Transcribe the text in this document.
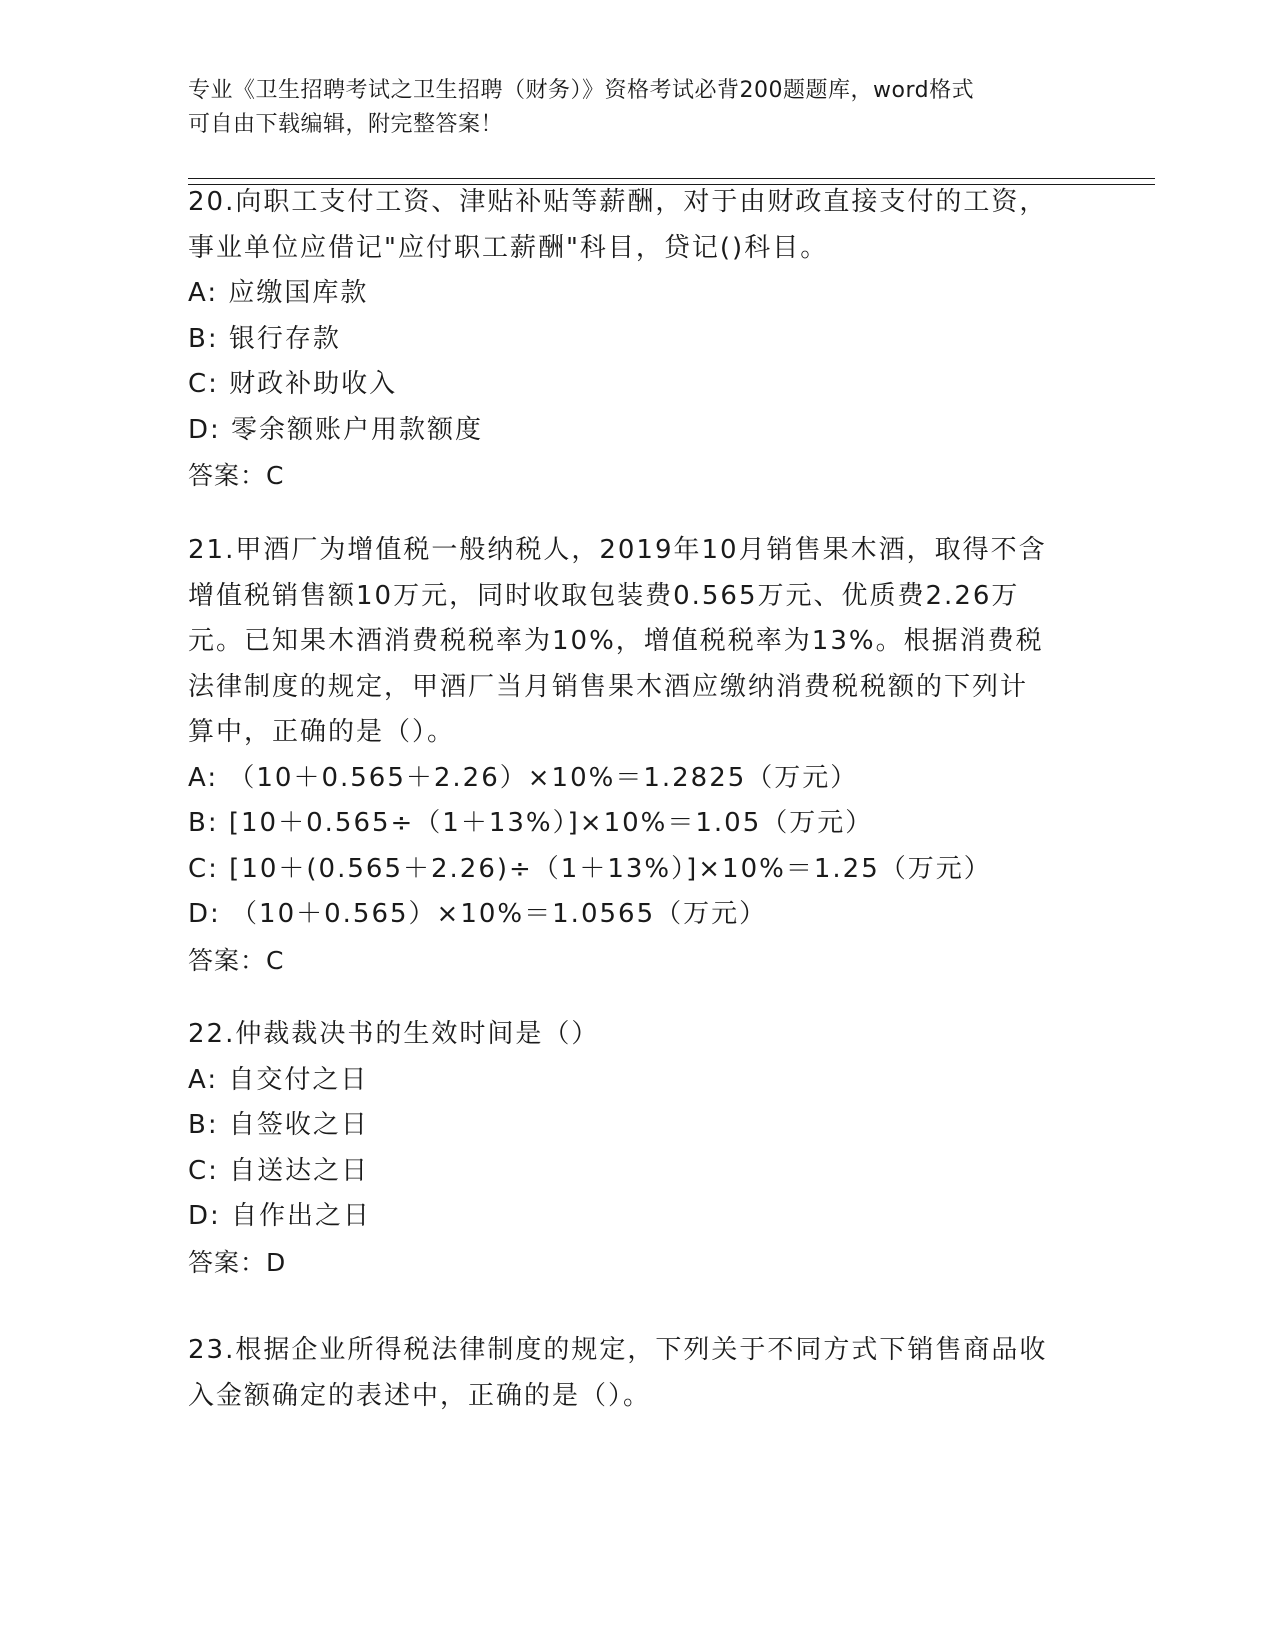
专业《卫生招聘考试之卫生招聘（财务）》资格考试必背200题题库，word格式
可自由下载编辑，附完整答案！
20.向职工支付工资、津贴补贴等薪酬，对于由财政直接支付的工资，
事业单位应借记"应付职工薪酬"科目，贷记()科目。
A: 应缴国库款
B: 银行存款
C: 财政补助收入
D: 零余额账户用款额度
答案：C
21.甲酒厂为增值税一般纳税人，2019年10月销售果木酒，取得不含
增值税销售额10万元，同时收取包装费0.565万元、优质费2.26万
元。已知果木酒消费税税率为10%，增值税税率为13%。根据消费税
法律制度的规定，甲酒厂当月销售果木酒应缴纳消费税税额的下列计
算中，正确的是（）。
A: （10＋0.565＋2.26）×10%＝1.2825（万元）
B: [10＋0.565÷（1＋13%）]×10%＝1.05（万元）
C: [10＋(0.565＋2.26)÷（1＋13%）]×10%＝1.25（万元）
D: （10＋0.565）×10%＝1.0565（万元）
答案：C
22.仲裁裁决书的生效时间是（）
A: 自交付之日
B: 自签收之日
C: 自送达之日
D: 自作出之日
答案：D
23.根据企业所得税法律制度的规定，下列关于不同方式下销售商品收
入金额确定的表述中，正确的是（）。
